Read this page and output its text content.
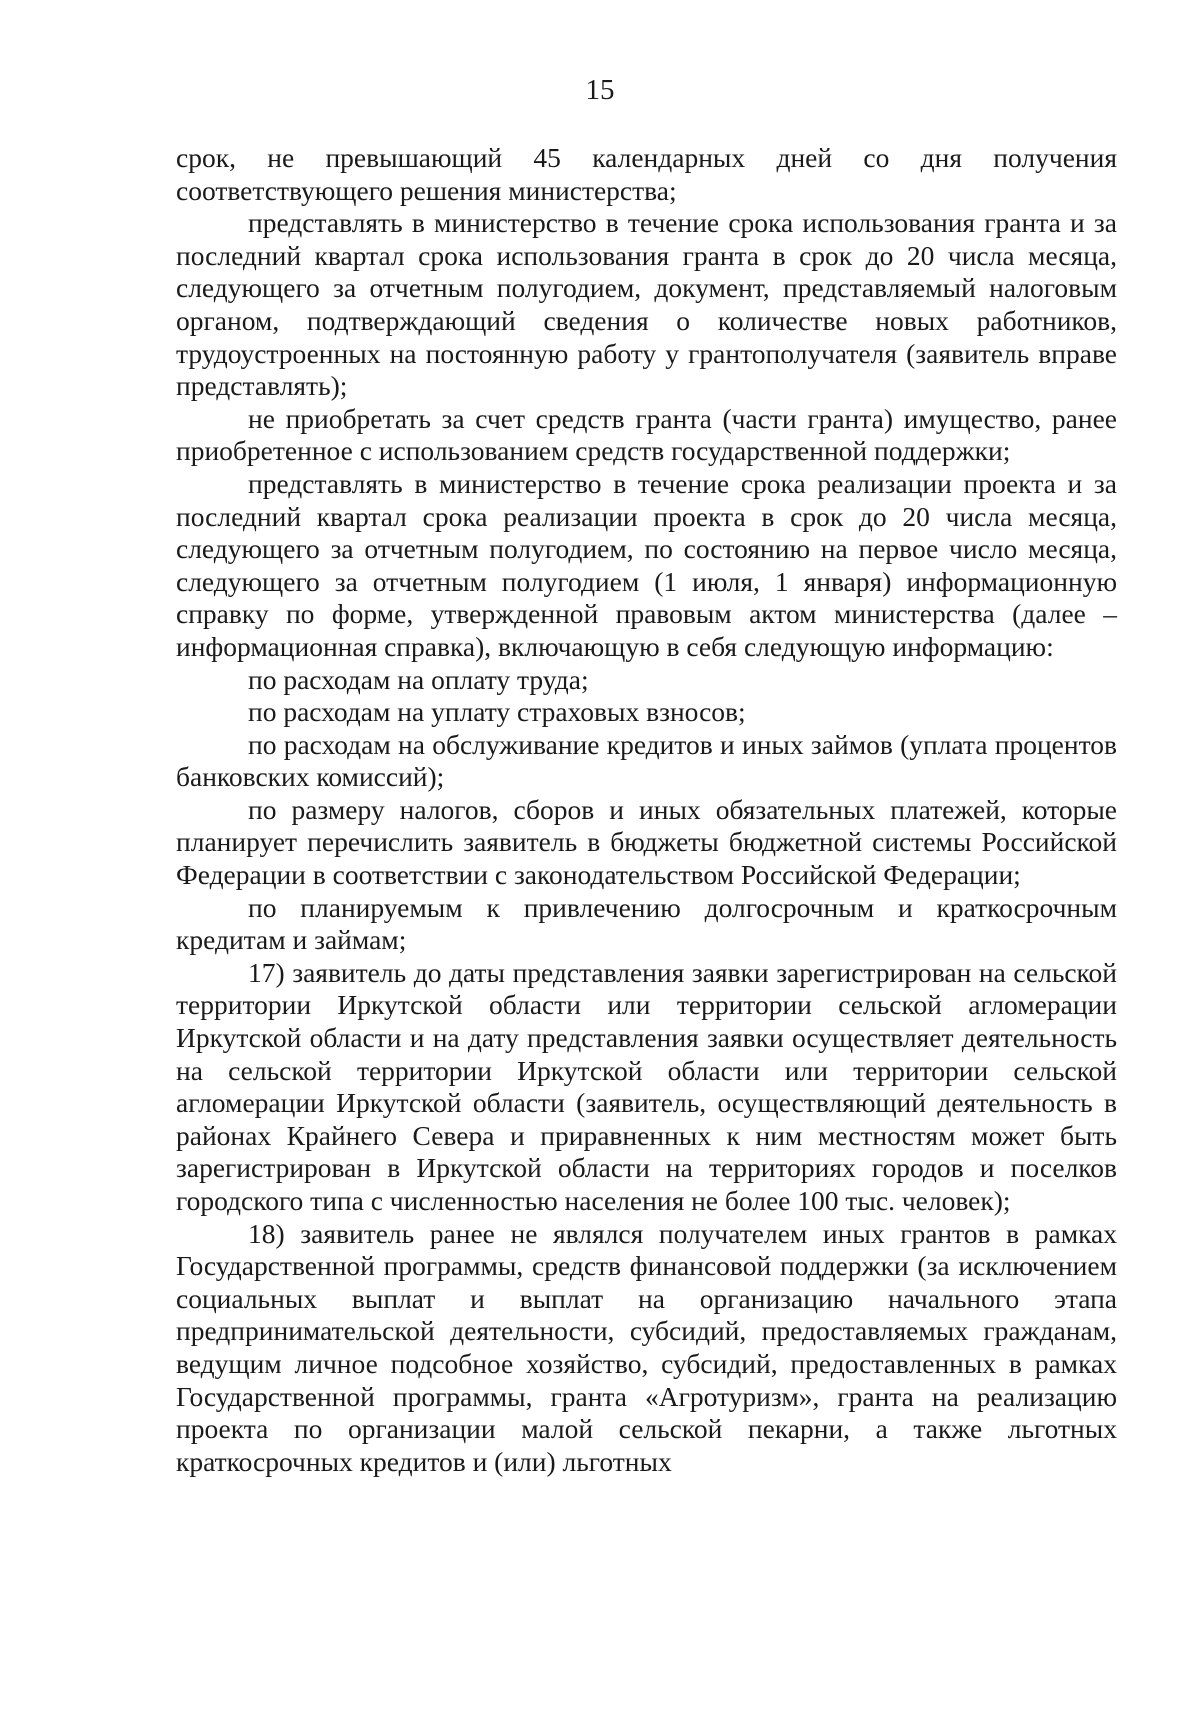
15

срок, не превышающий 45 календарных дней со дня получения соответствующего решения министерства;

представлять в министерство в течение срока использования гранта и за последний квартал срока использования гранта в срок до 20 числа месяца, следующего за отчетным полугодием, документ, представляемый налоговым органом, подтверждающий сведения о количестве новых работников, трудоустроенных на постоянную работу у грантополучателя (заявитель вправе представлять);

не приобретать за счет средств гранта (части гранта) имущество, ранее приобретенное с использованием средств государственной поддержки;

представлять в министерство в течение срока реализации проекта и за последний квартал срока реализации проекта в срок до 20 числа месяца, следующего за отчетным полугодием, по состоянию на первое число месяца, следующего за отчетным полугодием (1 июля, 1 января) информационную справку по форме, утвержденной правовым актом министерства (далее – информационная справка), включающую в себя следующую информацию:

по расходам на оплату труда;

по расходам на уплату страховых взносов;

по расходам на обслуживание кредитов и иных займов (уплата процентов банковских комиссий);

по размеру налогов, сборов и иных обязательных платежей, которые планирует перечислить заявитель в бюджеты бюджетной системы Российской Федерации в соответствии с законодательством Российской Федерации;

по планируемым к привлечению долгосрочным и краткосрочным кредитам и займам;

17) заявитель до даты представления заявки зарегистрирован на сельской территории Иркутской области или территории сельской агломерации Иркутской области и на дату представления заявки осуществляет деятельность на сельской территории Иркутской области или территории сельской агломерации Иркутской области (заявитель, осуществляющий деятельность в районах Крайнего Севера и приравненных к ним местностям может быть зарегистрирован в Иркутской области на территориях городов и поселков городского типа с численностью населения не более 100 тыс. человек);

18) заявитель ранее не являлся получателем иных грантов в рамках Государственной программы, средств финансовой поддержки (за исключением социальных выплат и выплат на организацию начального этапа предпринимательской деятельности, субсидий, предоставляемых гражданам, ведущим личное подсобное хозяйство, субсидий, предоставленных в рамках Государственной программы, гранта «Агротуризм», гранта на реализацию проекта по организации малой сельской пекарни, а также льготных краткосрочных кредитов и (или) льготных
